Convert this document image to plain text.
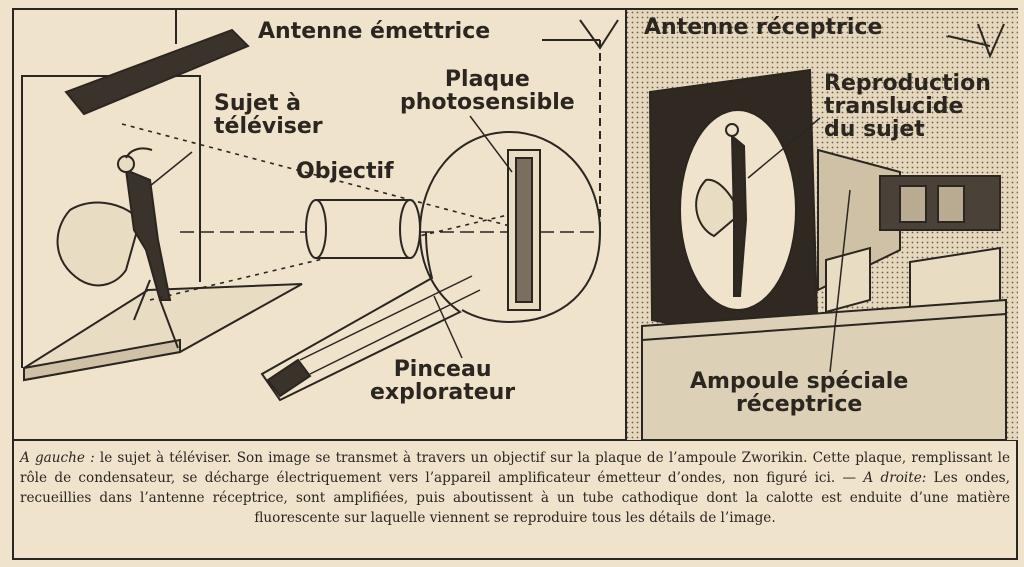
Antenne émettrice	Antenne réceptrice
Sujet à
téléviser
Plaque
photosensible
Objectif
Pinceau
explorateur
Reproduction
translucide
du sujet
Ampoule spéciale
réceptrice
A gauche : le sujet à téléviser. Son image se transmet à travers un objectif sur la plaque de l’ampoule Zworikin. Cette plaque, remplissant le rôle de condensateur, se décharge électriquement vers l’appareil amplificateur émetteur d’ondes, non figuré ici. — A droite: Les ondes, recueillies dans l’antenne réceptrice, sont amplifiées, puis aboutissent à un tube cathodique dont la calotte est enduite d’une matière fluorescente sur laquelle viennent se reproduire tous les détails de l’image.
